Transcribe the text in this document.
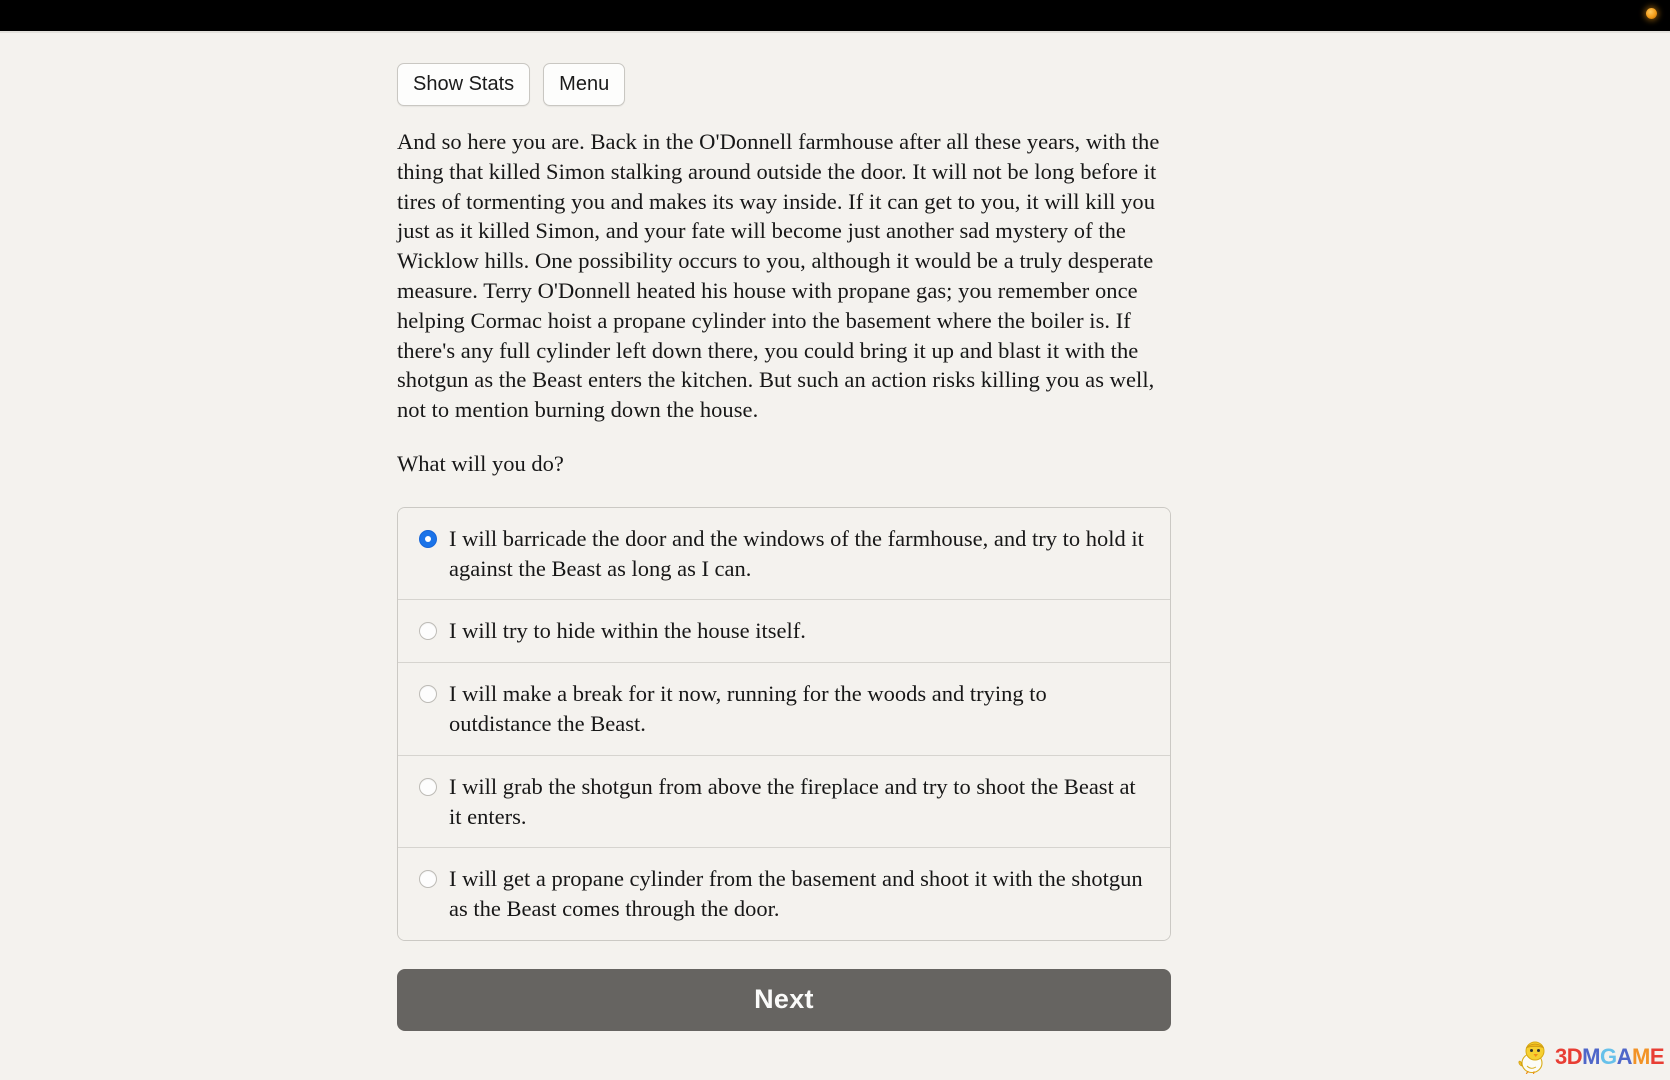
Show Stats	Menu

And so here you are. Back in the O'Donnell farmhouse after all these years, with the thing that killed Simon stalking around outside the door. It will not be long before it tires of tormenting you and makes its way inside. If it can get to you, it will kill you just as it killed Simon, and your fate will become just another sad mystery of the Wicklow hills. One possibility occurs to you, although it would be a truly desperate measure. Terry O'Donnell heated his house with propane gas; you remember once helping Cormac hoist a propane cylinder into the basement where the boiler is. If there's any full cylinder left down there, you could bring it up and blast it with the shotgun as the Beast enters the kitchen. But such an action risks killing you as well, not to mention burning down the house.

What will you do?

I will barricade the door and the windows of the farmhouse, and try to hold it against the Beast as long as I can.
I will try to hide within the house itself.
I will make a break for it now, running for the woods and trying to outdistance the Beast.
I will grab the shotgun from above the fireplace and try to shoot the Beast at it enters.
I will get a propane cylinder from the basement and shoot it with the shotgun as the Beast comes through the door.
Next
3DMGAME
